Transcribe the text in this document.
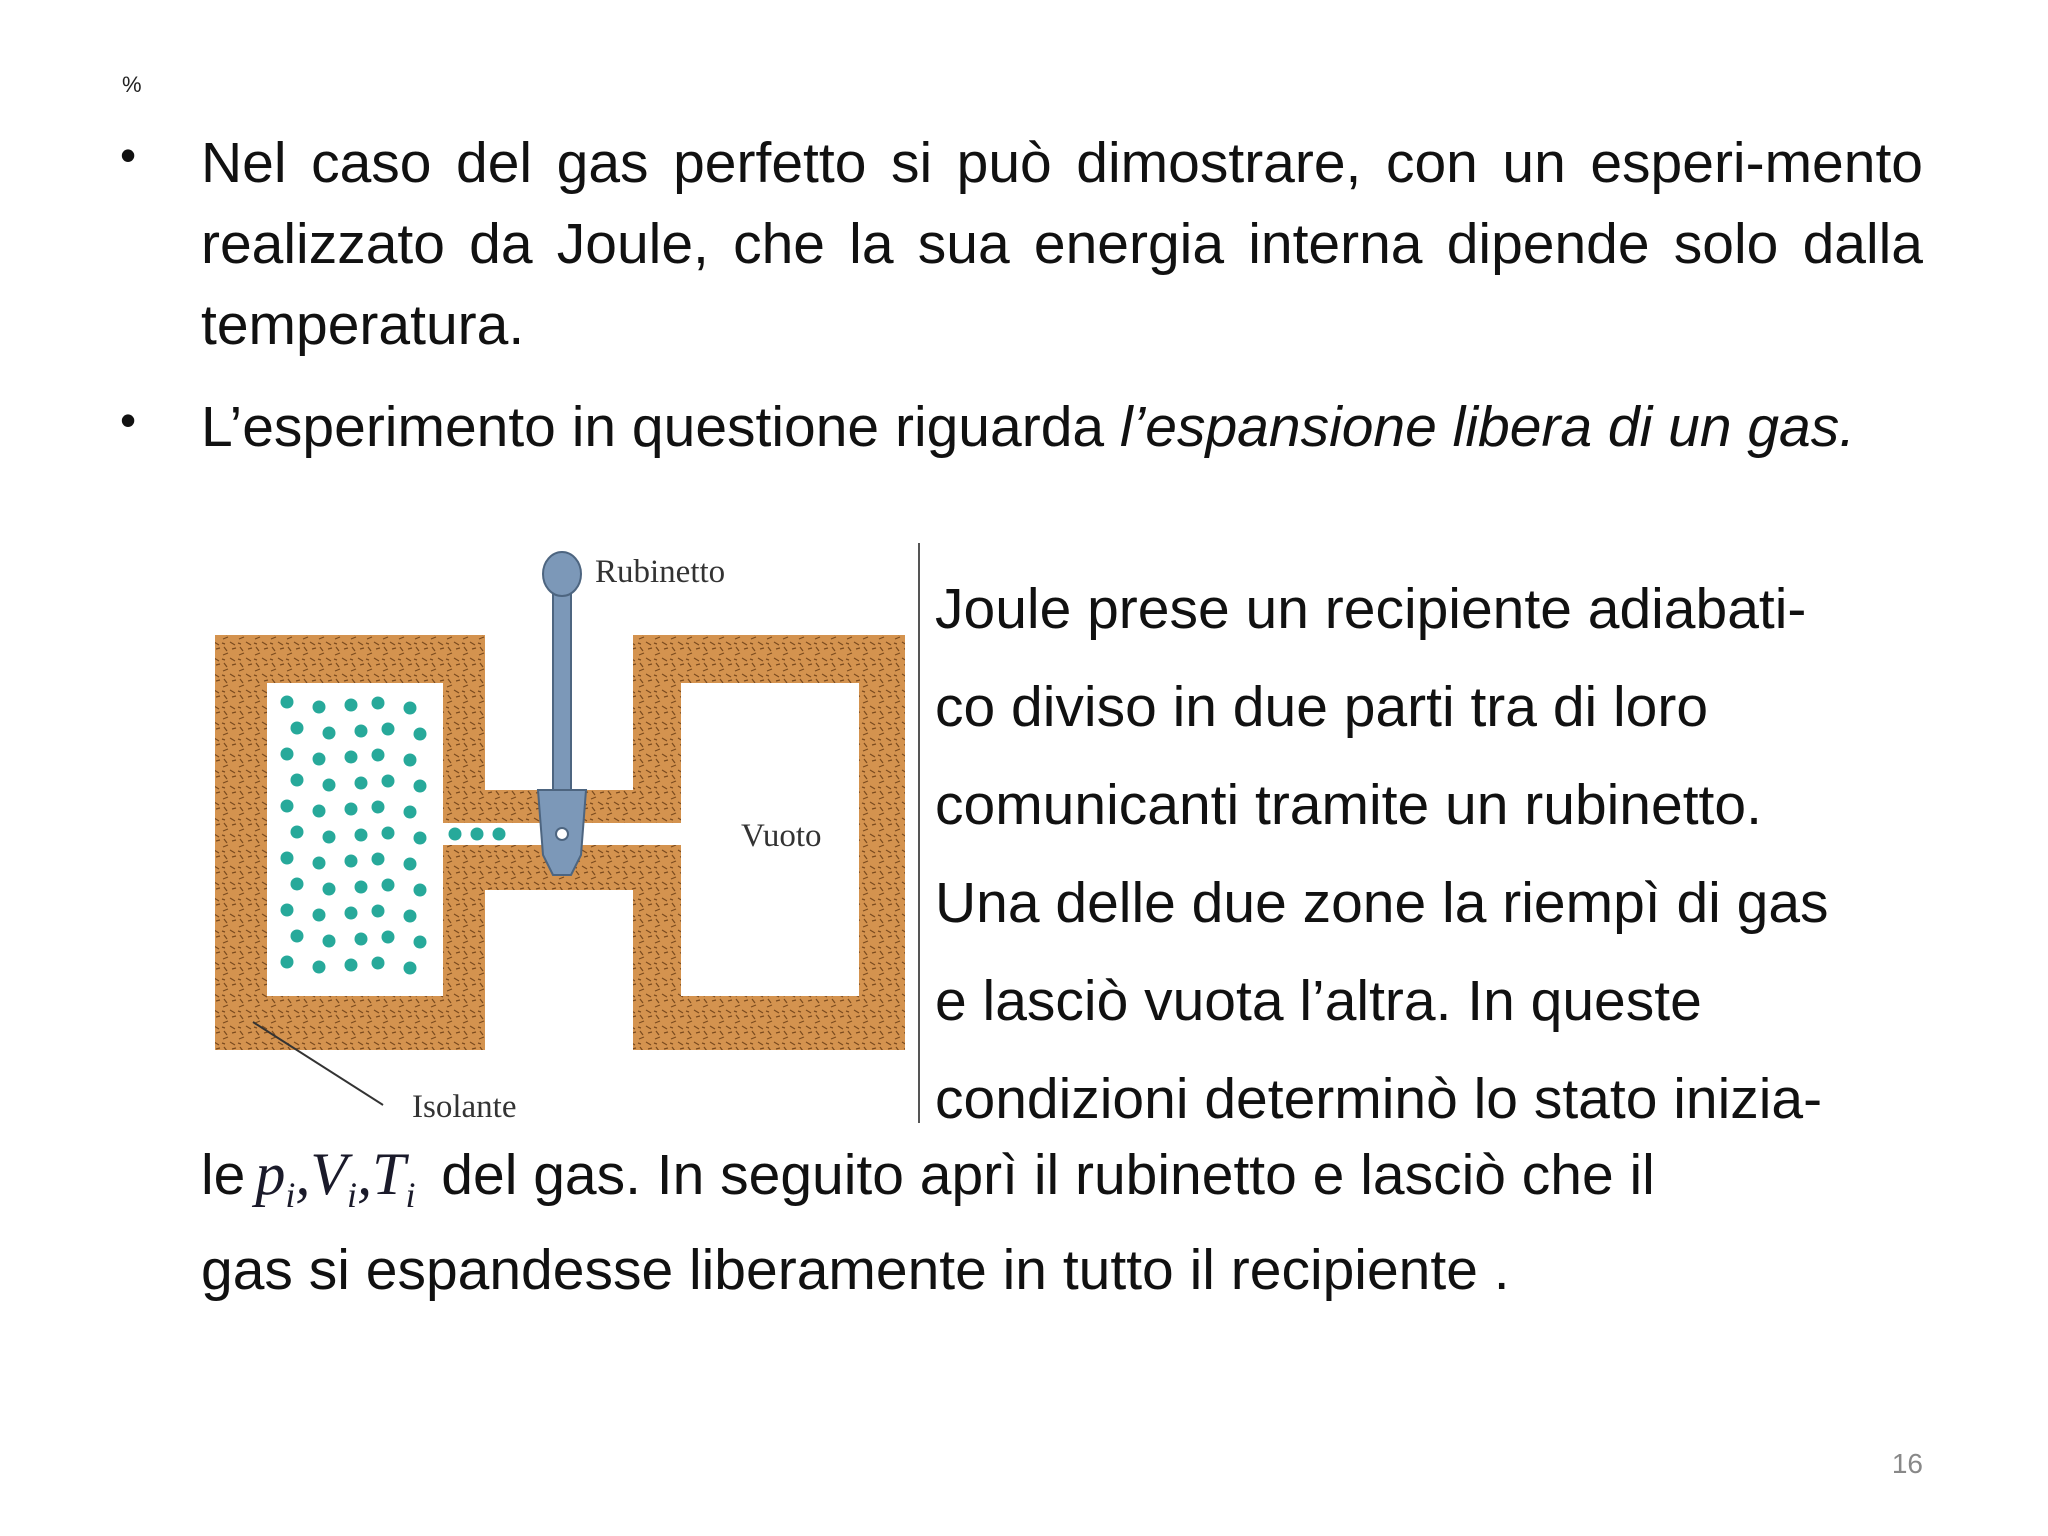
%
• Nel caso del gas perfetto si può dimostrare, con un esperi-mento realizzato da Joule, che la sua energia interna dipende solo dalla temperatura.
• L’esperimento in questione riguarda l’espansione libera di un gas.
Rubinetto
Vuoto
Isolante
Joule prese un recipiente adiabati-
co diviso in due parti tra di loro
comunicanti tramite un rubinetto.
Una delle due zone la riempì di gas
e lasciò vuota l’altra. In queste
condizioni determinò lo stato inizia-
le $p_i,V_i,T_i$ del gas. In seguito aprì il rubinetto e lasciò che il
gas si espandesse liberamente in tutto il recipiente .
16
